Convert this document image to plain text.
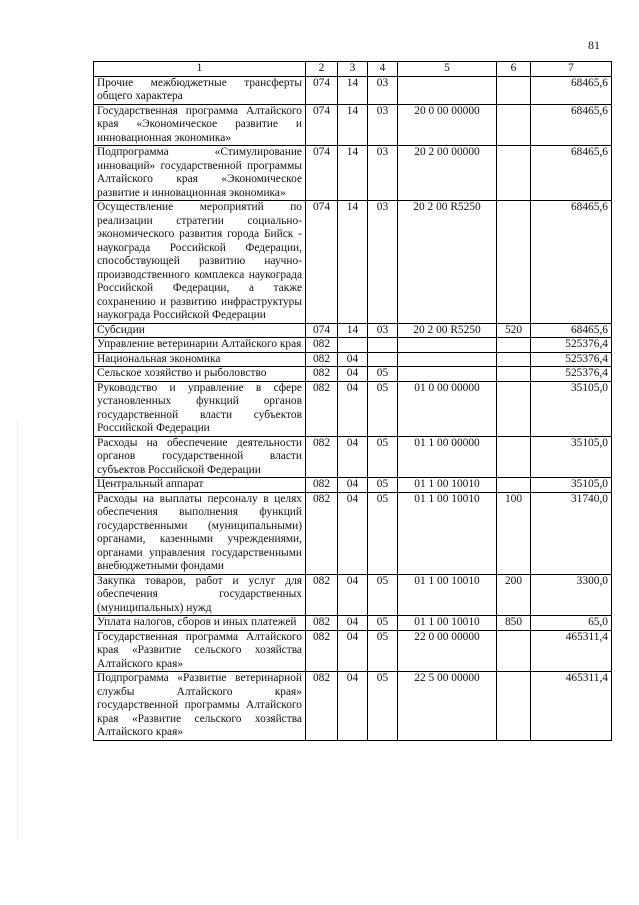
81
1	2	3	4	5	6	7
Прочие межбюджетные трансферты общего характера	074	14	03			68465,6
Государственная программа Алтайского края «Экономическое развитие и инновационная экономика»	074	14	03	20 0 00 00000		68465,6
Подпрограмма «Стимулирование инноваций» государственной программы Алтайского края «Экономическое развитие и инновационная экономика»	074	14	03	20 2 00 00000		68465,6
Осуществление мероприятий по реализации стратегии социально-экономического развития города Бийск - наукограда Российской Федерации, способствующей развитию научно-производственного комплекса наукограда Российской Федерации, а также сохранению и развитию инфраструктуры наукограда Российской Федерации	074	14	03	20 2 00 R5250		68465,6
Субсидии	074	14	03	20 2 00 R5250	520	68465,6
Управление ветеринарии Алтайского края	082					525376,4
Национальная экономика	082	04				525376,4
Сельское хозяйство и рыболовство	082	04	05			525376,4
Руководство и управление в сфере установленных функций органов государственной власти субъектов Российской Федерации	082	04	05	01 0 00 00000		35105,0
Расходы на обеспечение деятельности органов государственной власти субъектов Российской Федерации	082	04	05	01 1 00 00000		35105,0
Центральный аппарат	082	04	05	01 1 00 10010		35105,0
Расходы на выплаты персоналу в целях обеспечения выполнения функций государственными (муниципальными) органами, казенными учреждениями, органами управления государственными внебюджетными фондами	082	04	05	01 1 00 10010	100	31740,0
Закупка товаров, работ и услуг для обеспечения государственных (муниципальных) нужд	082	04	05	01 1 00 10010	200	3300,0
Уплата налогов, сборов и иных платежей	082	04	05	01 1 00 10010	850	65,0
Государственная программа Алтайского края «Развитие сельского хозяйства Алтайского края»	082	04	05	22 0 00 00000		465311,4
Подпрограмма «Развитие ветеринарной службы Алтайского края» государственной программы Алтайского края «Развитие сельского хозяйства Алтайского края»	082	04	05	22 5 00 00000		465311,4
